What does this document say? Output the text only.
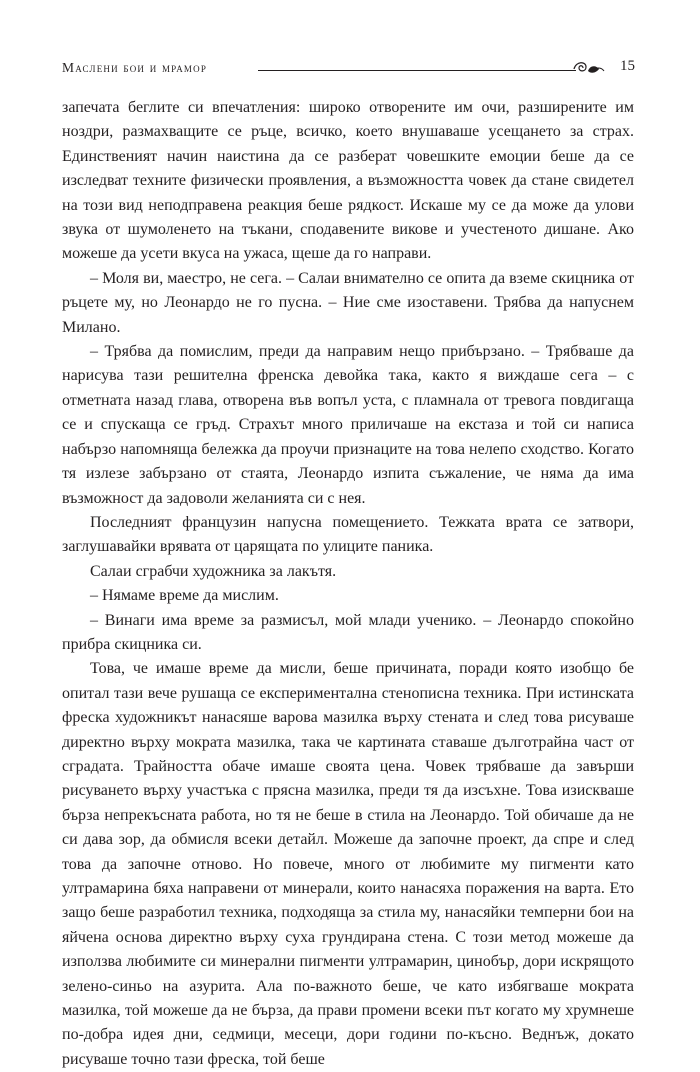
Маслени бои и мрамор	15

запечата беглите си впечатления: широко отворените им очи, разширените им ноздри, размахващите се ръце, всичко, което внушаваше усещането за страх. Единственият начин наистина да се разберат човешките емоции беше да се изследват техните физически проявления, а възможността човек да стане свидетел на този вид неподправена реакция беше рядкост. Искаше му се да може да улови звука от шумоленето на тъкани, сподавените викове и учестеното дишане. Ако можеше да усети вкуса на ужаса, щеше да го направи.

– Моля ви, маестро, не сега. – Салаи внимателно се опита да вземе скицника от ръцете му, но Леонардо не го пусна. – Ние сме изоставени. Трябва да напуснем Милано.

– Трябва да помислим, преди да направим нещо прибързано. – Трябваше да нарисува тази решителна френска девойка така, както я виждаше сега – с отметната назад глава, отворена във вопъл уста, с пламнала от тревога повдигаща се и спускаща се гръд. Страхът много приличаше на екстаза и той си написа набързо напомняща бележка да проучи признаците на това нелепо сходство. Когато тя излезе забързано от стаята, Леонардо изпита съжаление, че няма да има възможност да задоволи желанията си с нея.

Последният французин напусна помещението. Тежката врата се затвори, заглушавайки врявата от царящата по улиците паника.

Салаи сграбчи художника за лакътя.

– Нямаме време да мислим.

– Винаги има време за размисъл, мой млади ученико. – Леонардо спокойно прибра скицника си.

Това, че имаше време да мисли, беше причината, поради която изобщо бе опитал тази вече рушаща се експериментална стенописна техника. При истинската фреска художникът нанасяше варова мазилка върху стената и след това рисуваше директно върху мократа мазилка, така че картината ставаше дълготрайна част от сградата. Трайността обаче имаше своята цена. Човек трябваше да завърши рисуването върху участъка с прясна мазилка, преди тя да изсъхне. Това изискваше бърза непрекъсната работа, но тя не беше в стила на Леонардо. Той обичаше да не си дава зор, да обмисля всеки детайл. Можеше да започне проект, да спре и след това да започне отново. Но повече, много от любимите му пигменти като ултрамарина бяха направени от минерали, които нанасяха поражения на варта. Ето защо беше разработил техника, подходяща за стила му, нанасяйки темперни бои на яйчена основа директно върху суха грундирана стена. С този метод можеше да използва любимите си минерални пигменти ултрамарин, цинобър, дори искрящото зелено-синьо на азурита. Ала по-важното беше, че като избягваше мократа мазилка, той можеше да не бърза, да прави промени всеки път когато му хрумнеше по-добра идея дни, седмици, месеци, дори години по-късно. Веднъж, докато рисуваше точно тази фреска, той беше
